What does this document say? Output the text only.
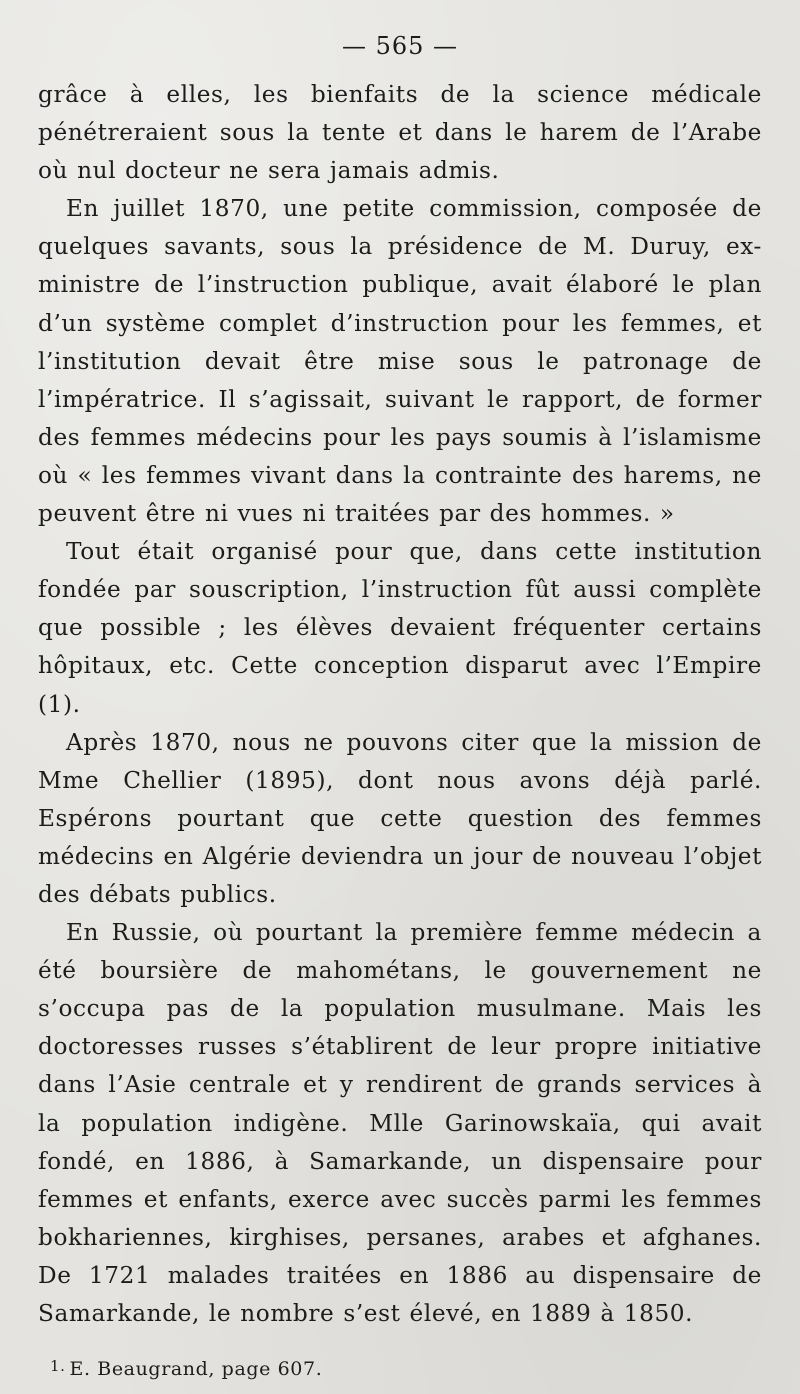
— 565 —

grâce à elles, les bienfaits de la science médicale pénétreraient sous la tente et dans le harem de l’Arabe où nul docteur ne sera jamais admis.

En juillet 1870, une petite commission, composée de quelques savants, sous la présidence de M. Duruy, ex-ministre de l’instruction publique, avait élaboré le plan d’un système complet d’instruction pour les femmes, et l’institution devait être mise sous le patronage de l’impératrice. Il s’agissait, suivant le rapport, de former des femmes médecins pour les pays soumis à l’islamisme où « les femmes vivant dans la contrainte des harems, ne peuvent être ni vues ni traitées par des hommes. »

Tout était organisé pour que, dans cette institution fondée par souscription, l’instruction fût aussi complète que possible ; les élèves devaient fréquenter certains hôpitaux, etc. Cette conception disparut avec l’Empire (1).

Après 1870, nous ne pouvons citer que la mission de Mme Chellier (1895), dont nous avons déjà parlé. Espérons pourtant que cette question des femmes médecins en Algérie deviendra un jour de nouveau l’objet des débats publics.

En Russie, où pourtant la première femme médecin a été boursière de mahométans, le gouvernement ne s’occupa pas de la population musulmane. Mais les doctoresses russes s’établirent de leur propre initiative dans l’Asie centrale et y rendirent de grands services à la population indigène. Mlle Garinowskaïa, qui avait fondé, en 1886, à Samarkande, un dispensaire pour femmes et enfants, exerce avec succès parmi les femmes bokhariennes, kirghises, persanes, arabes et afghanes. De 1721 malades traitées en 1886 au dispensaire de Samarkande, le nombre s’est élevé, en 1889 à 1850.

$^{1.}$ E. Beaugrand, page 607.
